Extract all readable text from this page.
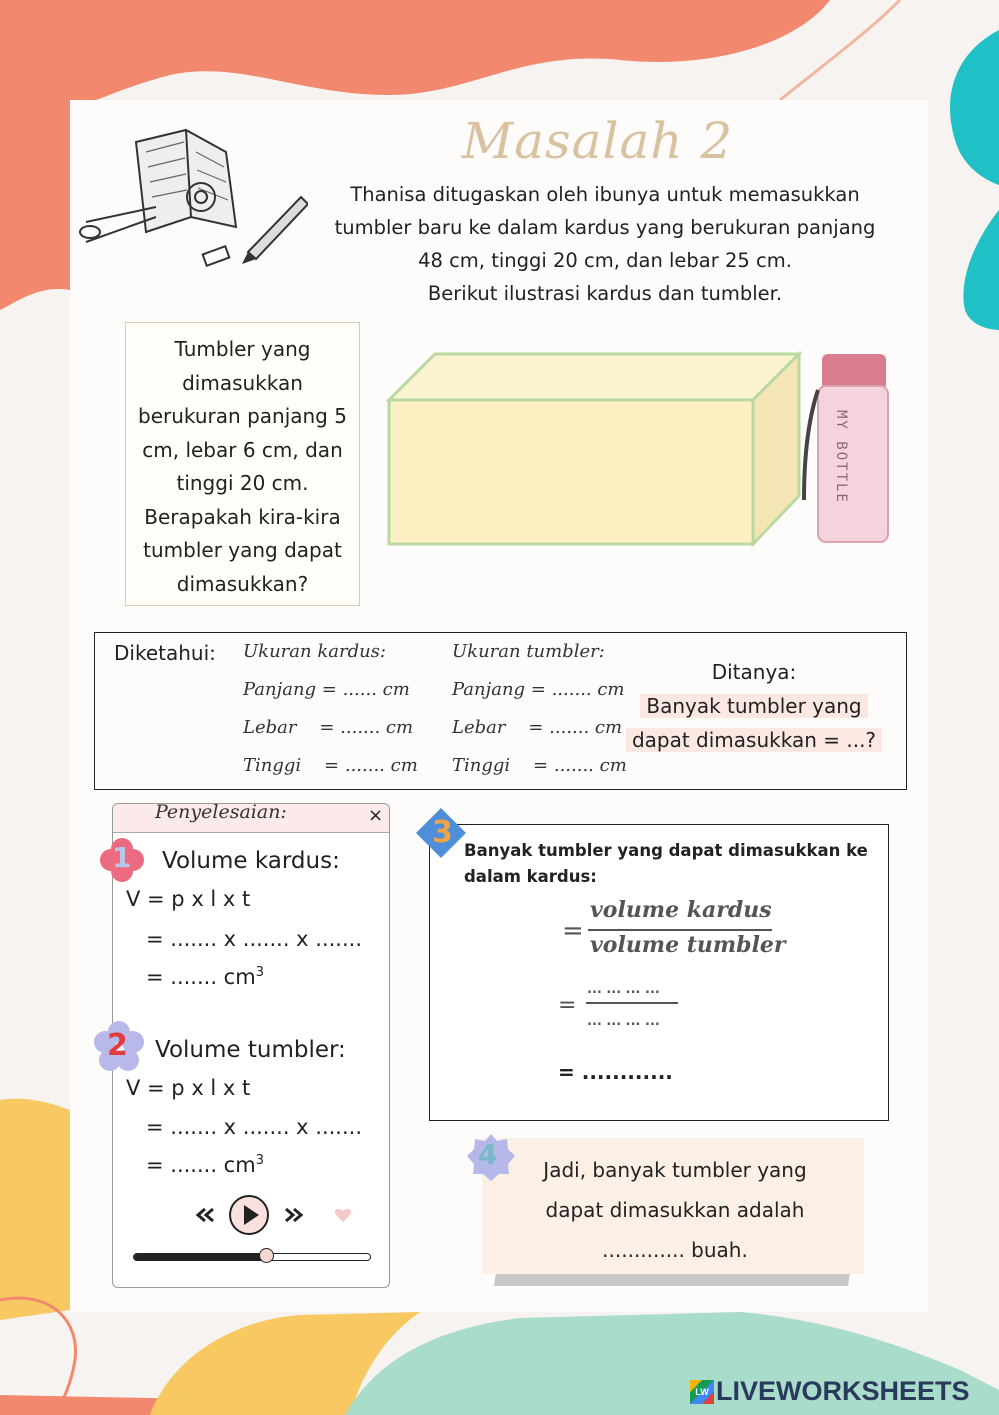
Masalah 2
Thanisa ditugaskan oleh ibunya untuk memasukkan
tumbler baru ke dalam kardus yang berukuran panjang
48 cm, tinggi 20 cm, dan lebar 25 cm.
Berikut ilustrasi kardus dan tumbler.
Tumbler yang
dimasukkan
berukuran panjang 5
cm, lebar 6 cm, dan
tinggi 20 cm.
Berapakah kira-kira
tumbler yang dapat
dimasukkan?
MY BOTTLE
Diketahui: Ukuran kardus:
Panjang = ...... cm
Lebar    = ....... cm
Tinggi    = ....... cm
Ukuran tumbler:
Panjang = ....... cm
Lebar    = ....... cm
Tinggi    = ....... cm
Ditanya:
Banyak tumbler yang
dapat dimasukkan = ...?
Penyelesaian:	×
1 Volume kardus:
V = p x l x t
= ....... x ....... x .......
= ....... $cm^3$
2 Volume tumbler:
V = p x l x t
= ....... x ....... x .......
= ....... $cm^3$
3
Banyak tumbler yang dapat dimasukkan ke
dalam kardus:
=
volume kardus
volume tumbler
=
... ... ... ...
... ... ... ...
= ............
4	Jadi, banyak tumbler yang
dapat dimasukkan adalah
............. buah.
LW LIVEWORKSHEETS
